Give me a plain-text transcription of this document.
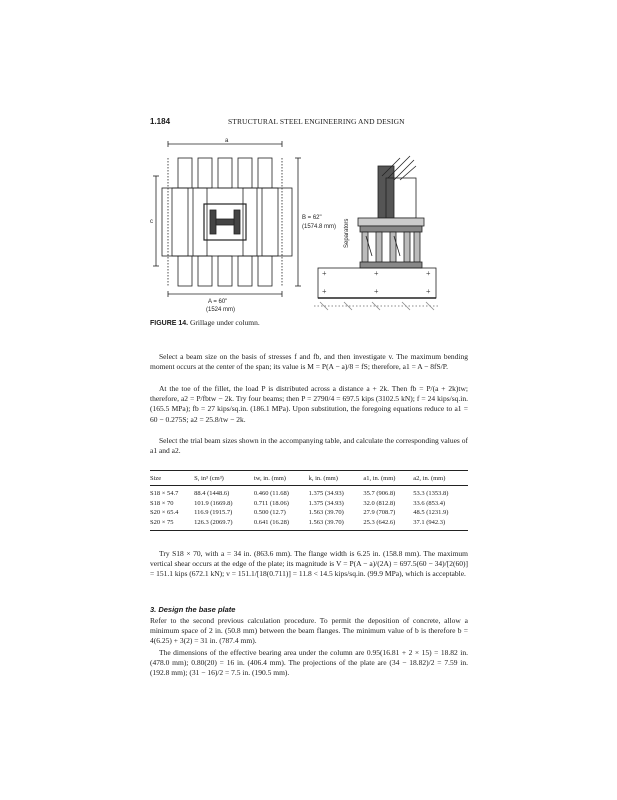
1.184	STRUCTURAL STEEL ENGINEERING AND DESIGN
a
c
B = 62"
(1574.8 mm)
A = 60"
(1524 mm)
Separators
+	+	+
+	+	+
FIGURE 14. Grillage under column.

Select a beam size on the basis of stresses f and fb, and then investigate v. The maximum bending moment occurs at the center of the span; its value is M = P(A − a)/8 = fS; therefore, a1 = A − 8fS/P.

At the toe of the fillet, the load P is distributed across a distance a + 2k. Then fb = P/(a + 2k)tw; therefore, a2 = P/fbtw − 2k. Try four beams; then P = 2790/4 = 697.5 kips (3102.5 kN); f = 24 kips/sq.in. (165.5 MPa); fb = 27 kips/sq.in. (186.1 MPa). Upon substitution, the foregoing equations reduce to a1 = 60 − 0.275S; a2 = 25.8/tw − 2k.

Select the trial beam sizes shown in the accompanying table, and calculate the corresponding values of a1 and a2.

Size	S, in³ (cm³)	tw, in. (mm)	k, in. (mm)	a1, in. (mm)	a2, in. (mm)
S18 × 54.7	88.4 (1448.6)	0.460 (11.68)	1.375 (34.93)	35.7 (906.8)	53.3 (1353.8)
S18 × 70	101.9 (1669.8)	0.711 (18.06)	1.375 (34.93)	32.0 (812.8)	33.6 (853.4)
S20 × 65.4	116.9 (1915.7)	0.500 (12.7)	1.563 (39.70)	27.9 (708.7)	48.5 (1231.9)
S20 × 75	126.3 (2069.7)	0.641 (16.28)	1.563 (39.70)	25.3 (642.6)	37.1 (942.3)

Try S18 × 70, with a = 34 in. (863.6 mm). The flange width is 6.25 in. (158.8 mm). The maximum vertical shear occurs at the edge of the plate; its magnitude is V = P(A − a)/(2A) = 697.5(60 − 34)/[2(60)] = 151.1 kips (672.1 kN); v = 151.1/[18(0.711)] = 11.8 < 14.5 kips/sq.in. (99.9 MPa), which is acceptable.

3. Design the base plate

Refer to the second previous calculation procedure. To permit the deposition of concrete, allow a minimum space of 2 in. (50.8 mm) between the beam flanges. The minimum value of b is therefore b = 4(6.25) + 3(2) = 31 in. (787.4 mm).

The dimensions of the effective bearing area under the column are 0.95(16.81 + 2 × 15) = 18.82 in. (478.0 mm); 0.80(20) = 16 in. (406.4 mm). The projections of the plate are (34 − 18.82)/2 = 7.59 in. (192.8 mm); (31 − 16)/2 = 7.5 in. (190.5 mm).
